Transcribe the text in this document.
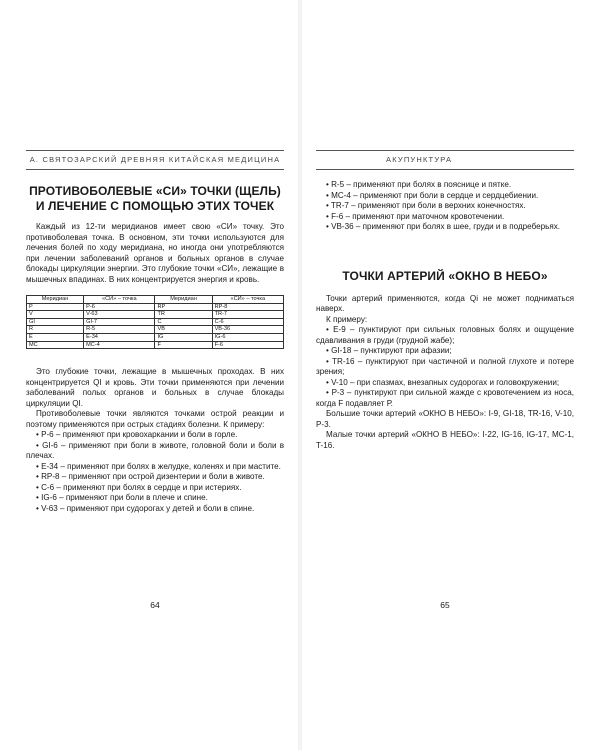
А. СВЯТОЗАРСКИЙ ДРЕВНЯЯ КИТАЙСКАЯ МЕДИЦИНА
ПРОТИВОБОЛЕВЫЕ «СИ» ТОЧКИ (ЩЕЛЬ)
И ЛЕЧЕНИЕ С ПОМОЩЬЮ ЭТИХ ТОЧЕК

Каждый из 12-ти меридианов имеет свою «СИ» точку. Это противоболевая точка. В основном, эти точки используются для лечения болей по ходу меридиана, но иногда они употребляются при лечении заболеваний органов и больных органов в случае блокады циркуляции энергии. Это глубокие точки «СИ», лежащие в мышечных впадинах. В них концентрируется энергия и кровь.

Меридиан	«СИ» – точка	Меридиан	«СИ» – точка
P	P-6	RP	RP-8
V	V-63	TR	TR-7
GI	GI-7	C	C-6
R	R-5	VB	VB-36
E	E-34	IG	IG-6
MC	MC-4	F	F-6

Это глубокие точки, лежащие в мышечных проходах. В них концентрируется QI и кровь. Эти точки применяются при лечении заболеваний полых органов и больных в случае блокады циркуляции QI.

Противоболевые точки являются точками острой реакции и поэтому применяются при острых стадиях болезни. К примеру:

• Р-6 – применяют при кровохаркании и боли в горле.

• GI-6 – применяют при боли в животе, головной боли и боли в плечах.

• Е-34 – применяют при болях в желудке, коленях и при мастите.

• RP-8 – применяют при острой дизентерии и боли в животе.

• С-6 – применяют при болях в сердце и при истериях.

• IG-6 – применяют при боли в плече и спине.

• V-63 – применяют при судорогах у детей и боли в спине.

64
АКУПУНКТУРА

• R-5 – применяют при болях в пояснице и пятке.

• МС-4 – применяют при боли в сердце и сердцебиении.

• TR-7 – применяют при боли в верхних конечностях.

• F-6 – применяют при маточном кровотечении.

• VB-36 – применяют при болях в шее, груди и в подреберьях.

ТОЧКИ АРТЕРИЙ «ОКНО В НЕБО»

Точки артерий применяются, когда Qi не может подниматься наверх.

К примеру:

• Е-9 – пунктируют при сильных головных болях и ощущение сдавливания в груди (грудной жабе);

• GI-18 – пунктируют при афазии;

• TR-16 – пунктируют при частичной и полной глухоте и потере зрения;

• V-10 – при спазмах, внезапных судорогах и головокружении;

• Р-3 – пунктируют при сильной жажде с кровотечением из носа, когда F подавляет Р.

Большие точки артерий «ОКНО В НЕБО»: I-9, GI-18, TR-16, V-10, P-3.

Малые точки артерий «ОКНО В НЕБО»: I-22, IG-16, IG-17, MC-1, T-16.

65
